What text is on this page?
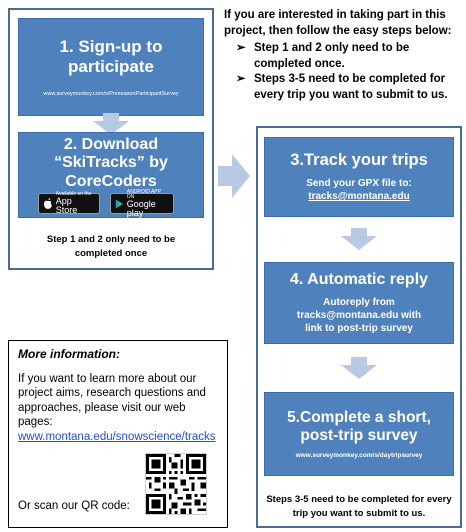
If you are interested in taking part in this project, then follow the easy steps below:
➢ Step 1 and 2 only need to be completed once.
➢ Steps 3-5 need to be completed for every trip you want to submit to us.
1. Sign-up to participate
www.surveymonkey.com/s/PreseasonParticipantSurvey
2. Download “SkiTracks” by CoreCoders
Available on the
App Store
ANDROID APP ON
Google play
Step 1 and 2 only need to be completed once
3.Track your trips
Send your GPX file to:
tracks@montana.edu
4. Automatic reply
Autoreply from tracks@montana.edu with link to post-trip survey
5.Complete a short, post-trip survey
www.surveymonkey.com/s/daytripsurvey
Steps 3-5 need to be completed for every trip you want to submit to us.
More information:
If you want to learn more about our project aims, research questions and approaches, please visit our web pages:
www.montana.edu/snowscience/tracks
Or scan our QR code:
